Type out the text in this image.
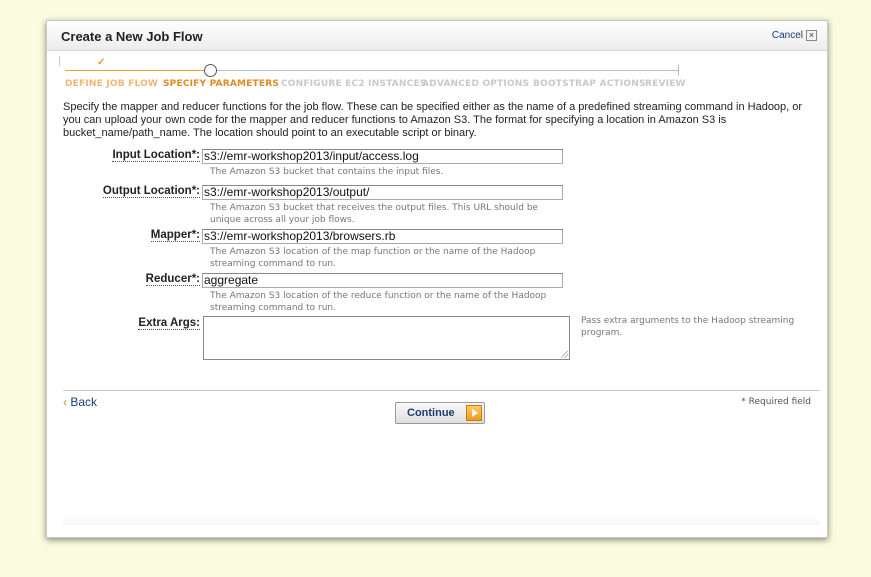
Create a New Job Flow	Cancel ×
✓
DEFINE JOB FLOW SPECIFY PARAMETERS CONFIGURE EC2 INSTANCES
ADVANCED OPTIONS BOOTSTRAP ACTIONS REVIEW
Specify the mapper and reducer functions for the job flow. These can be specified either as the name of a predefined streaming command in Hadoop, or you can upload your own code for the mapper and reducer functions to Amazon S3. The format for specifying a location in Amazon S3 is bucket_name/path_name. The location should point to an executable script or binary.
Input Location*: s3://emr-workshop2013/input/access.log
The Amazon S3 bucket that contains the input files.
Output Location*: s3://emr-workshop2013/output/
The Amazon S3 bucket that receives the output files. This URL should be unique across all your job flows.
Mapper*: s3://emr-workshop2013/browsers.rb
The Amazon S3 location of the map function or the name of the Hadoop streaming command to run.
Reducer*: aggregate
The Amazon S3 location of the reduce function or the name of the Hadoop streaming command to run.
Extra Args:	Pass extra arguments to the Hadoop streaming program.
‹ Back
Continue
* Required field
